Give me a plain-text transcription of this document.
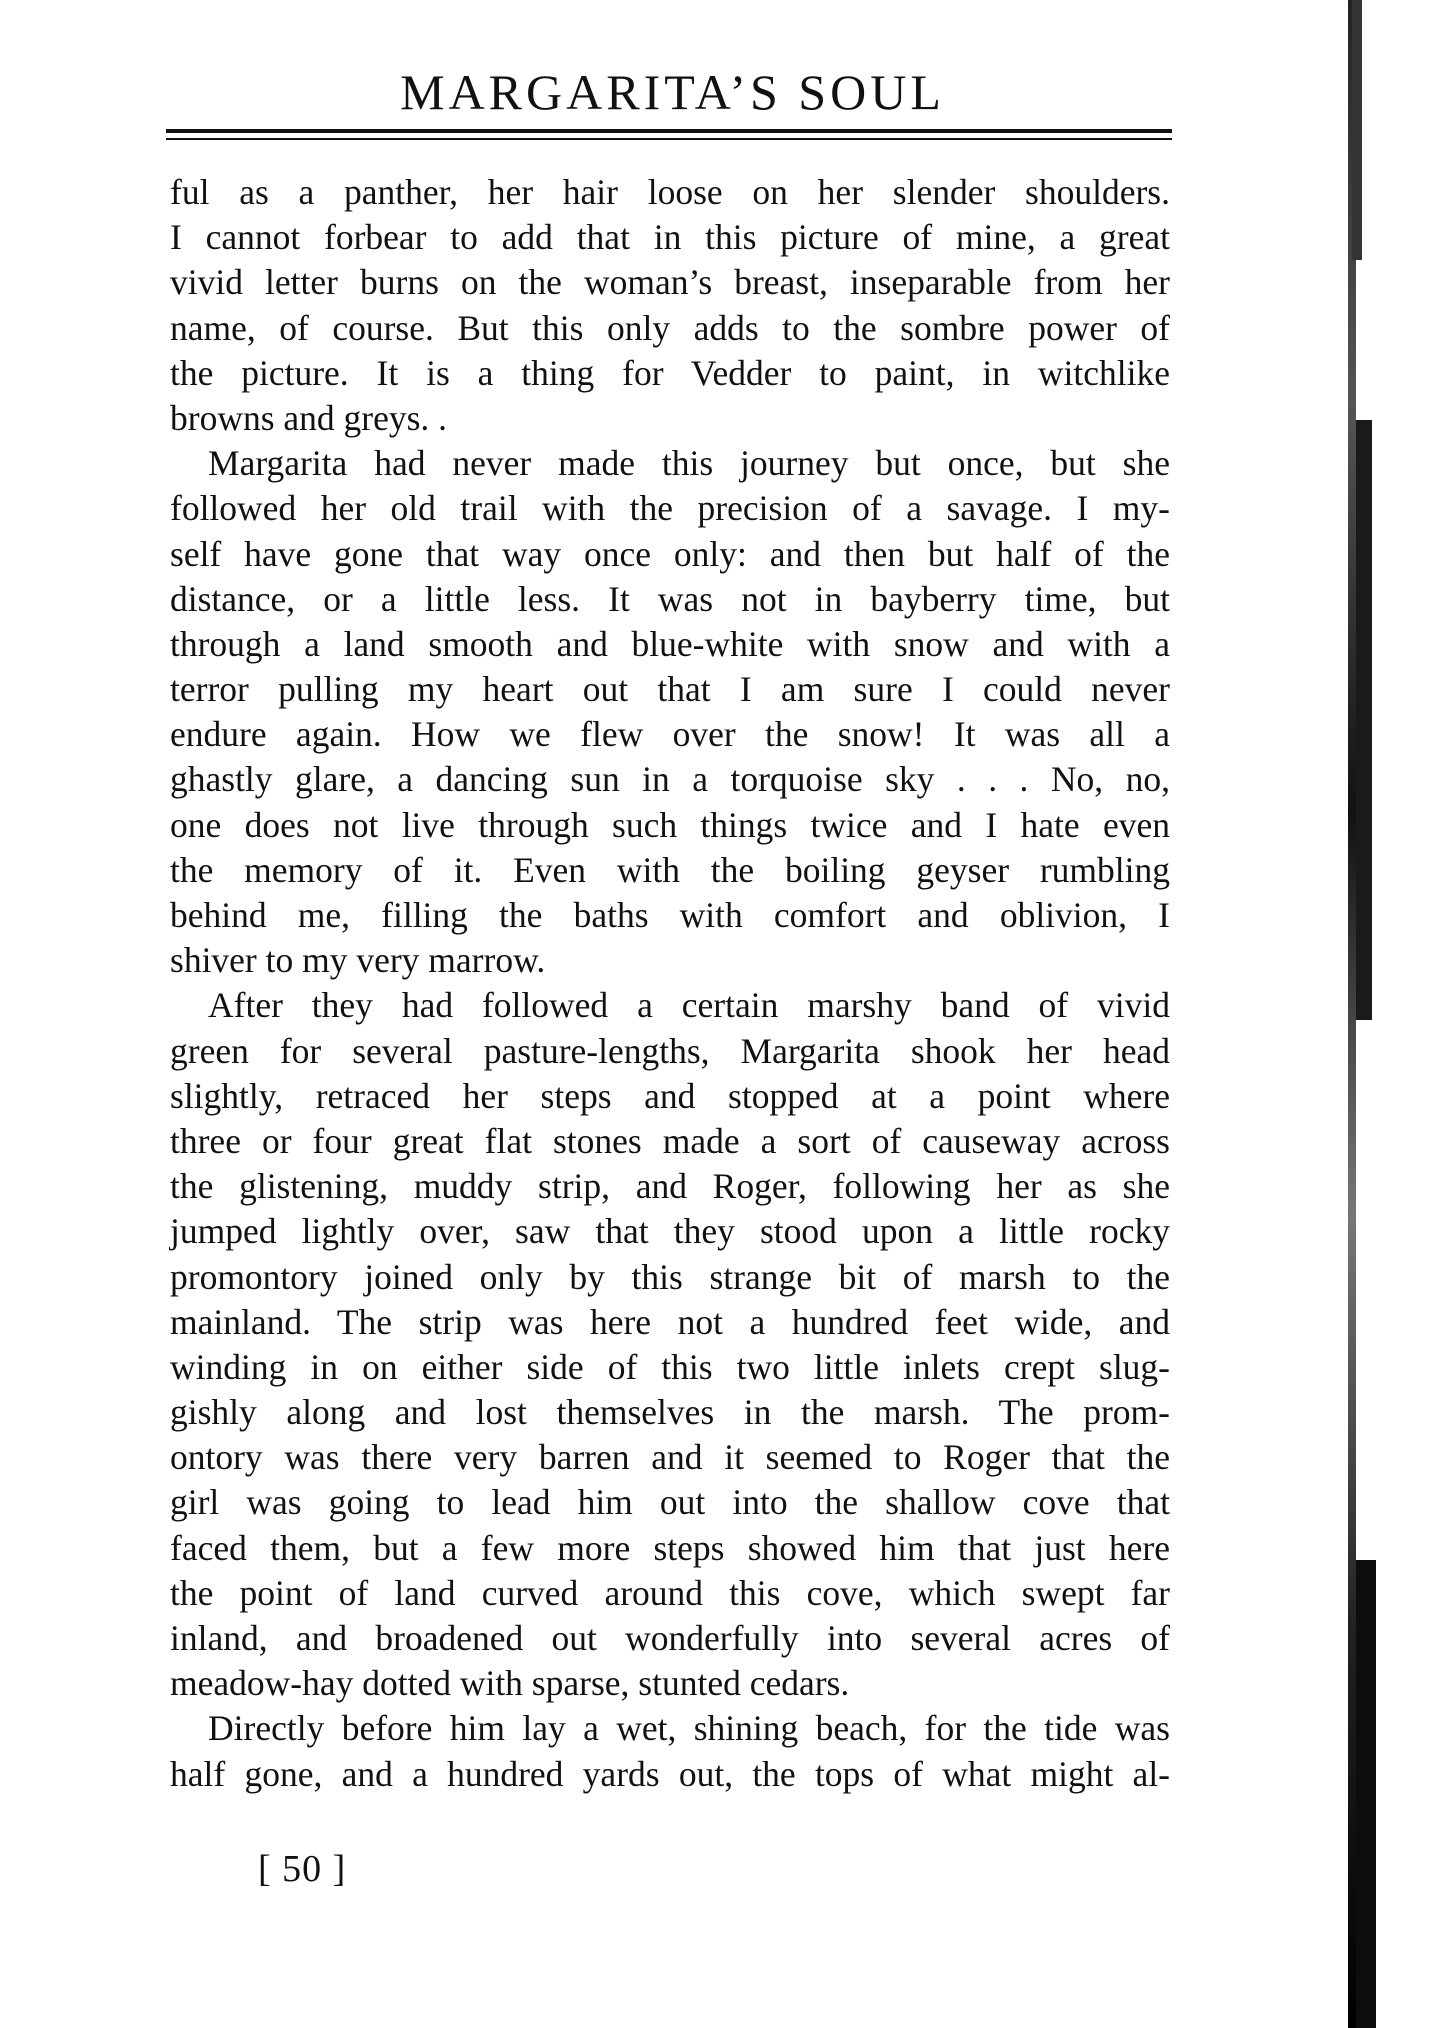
MARGARITA’S SOUL
ful as a panther, her hair loose on her slender shoulders.
I cannot forbear to add that in this picture of mine, a great
vivid letter burns on the woman’s breast, inseparable from her
name, of course. But this only adds to the sombre power of
the picture. It is a thing for Vedder to paint, in witchlike
browns and greys. .
Margarita had never made this journey but once, but she
followed her old trail with the precision of a savage. I my-
self have gone that way once only: and then but half of the
distance, or a little less. It was not in bayberry time, but
through a land smooth and blue-white with snow and with a
terror pulling my heart out that I am sure I could never
endure again. How we flew over the snow! It was all a
ghastly glare, a dancing sun in a torquoise sky . . . No, no,
one does not live through such things twice and I hate even
the memory of it. Even with the boiling geyser rumbling
behind me, filling the baths with comfort and oblivion, I
shiver to my very marrow.
After they had followed a certain marshy band of vivid
green for several pasture-lengths, Margarita shook her head
slightly, retraced her steps and stopped at a point where
three or four great flat stones made a sort of causeway across
the glistening, muddy strip, and Roger, following her as she
jumped lightly over, saw that they stood upon a little rocky
promontory joined only by this strange bit of marsh to the
mainland. The strip was here not a hundred feet wide, and
winding in on either side of this two little inlets crept slug-
gishly along and lost themselves in the marsh. The prom-
ontory was there very barren and it seemed to Roger that the
girl was going to lead him out into the shallow cove that
faced them, but a few more steps showed him that just here
the point of land curved around this cove, which swept far
inland, and broadened out wonderfully into several acres of
meadow-hay dotted with sparse, stunted cedars.
Directly before him lay a wet, shining beach, for the tide was
half gone, and a hundred yards out, the tops of what might al-
[ 50 ]
